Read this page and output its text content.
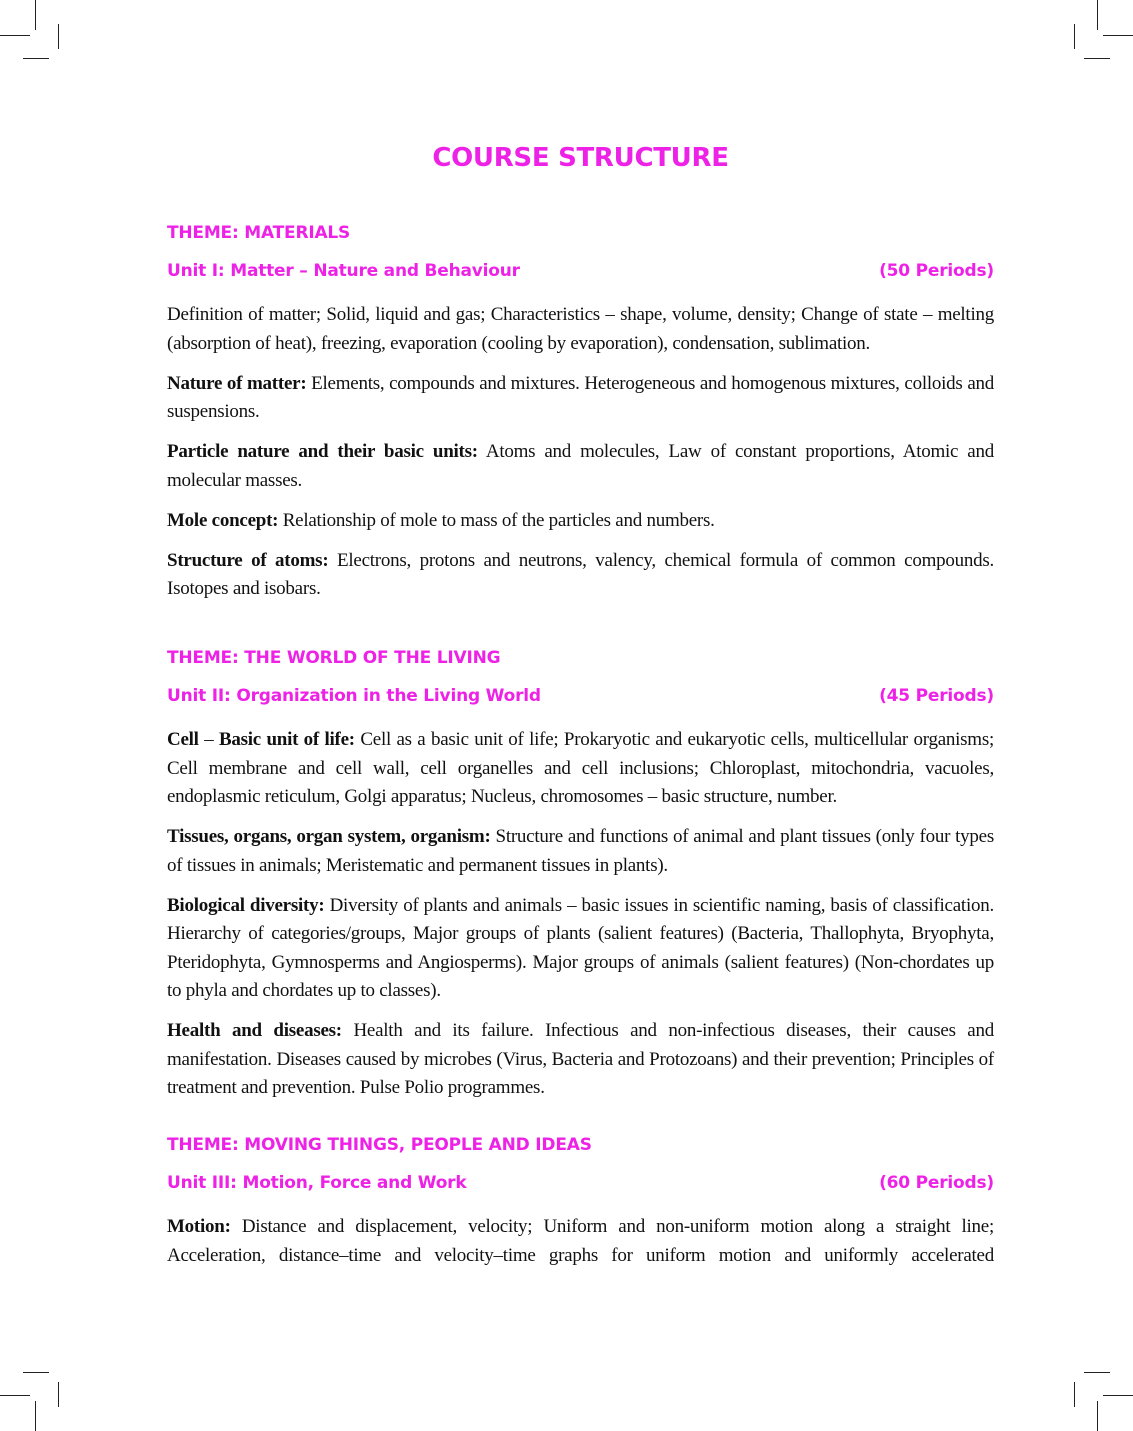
COURSE STRUCTURE
THEME: MATERIALS
Unit I: Matter – Nature and Behaviour	(50 Periods)

Definition of matter; Solid, liquid and gas; Characteristics – shape, volume, density; Change of state – melting (absorption of heat), freezing, evaporation (cooling by evaporation), condensation, sublimation.

Nature of matter: Elements, compounds and mixtures. Heterogeneous and homogenous mixtures, colloids and suspensions.

Particle nature and their basic units: Atoms and molecules, Law of constant proportions, Atomic and molecular masses.

Mole concept: Relationship of mole to mass of the particles and numbers.

Structure of atoms: Electrons, protons and neutrons, valency, chemical formula of common compounds. Isotopes and isobars.

THEME: THE WORLD OF THE LIVING
Unit II: Organization in the Living World	(45 Periods)

Cell – Basic unit of life: Cell as a basic unit of life; Prokaryotic and eukaryotic cells, multicellular organisms; Cell membrane and cell wall, cell organelles and cell inclusions; Chloroplast, mitochondria, vacuoles, endoplasmic reticulum, Golgi apparatus; Nucleus, chromosomes – basic structure, number.

Tissues, organs, organ system, organism: Structure and functions of animal and plant tissues (only four types of tissues in animals; Meristematic and permanent tissues in plants).

Biological diversity: Diversity of plants and animals – basic issues in scientific naming, basis of classification. Hierarchy of categories/groups, Major groups of plants (salient features) (Bacteria, Thallophyta, Bryophyta, Pteridophyta, Gymnosperms and Angiosperms). Major groups of animals (salient features) (Non-chordates up to phyla and chordates up to classes).

Health and diseases: Health and its failure. Infectious and non-infectious diseases, their causes and manifestation. Diseases caused by microbes (Virus, Bacteria and Protozoans) and their prevention; Principles of treatment and prevention. Pulse Polio programmes.

THEME: MOVING THINGS, PEOPLE AND IDEAS
Unit III: Motion, Force and Work	(60 Periods)

Motion: Distance and displacement, velocity; Uniform and non-uniform motion along a straight line; Acceleration, distance–time and velocity–time graphs for uniform motion and uniformly accelerated
